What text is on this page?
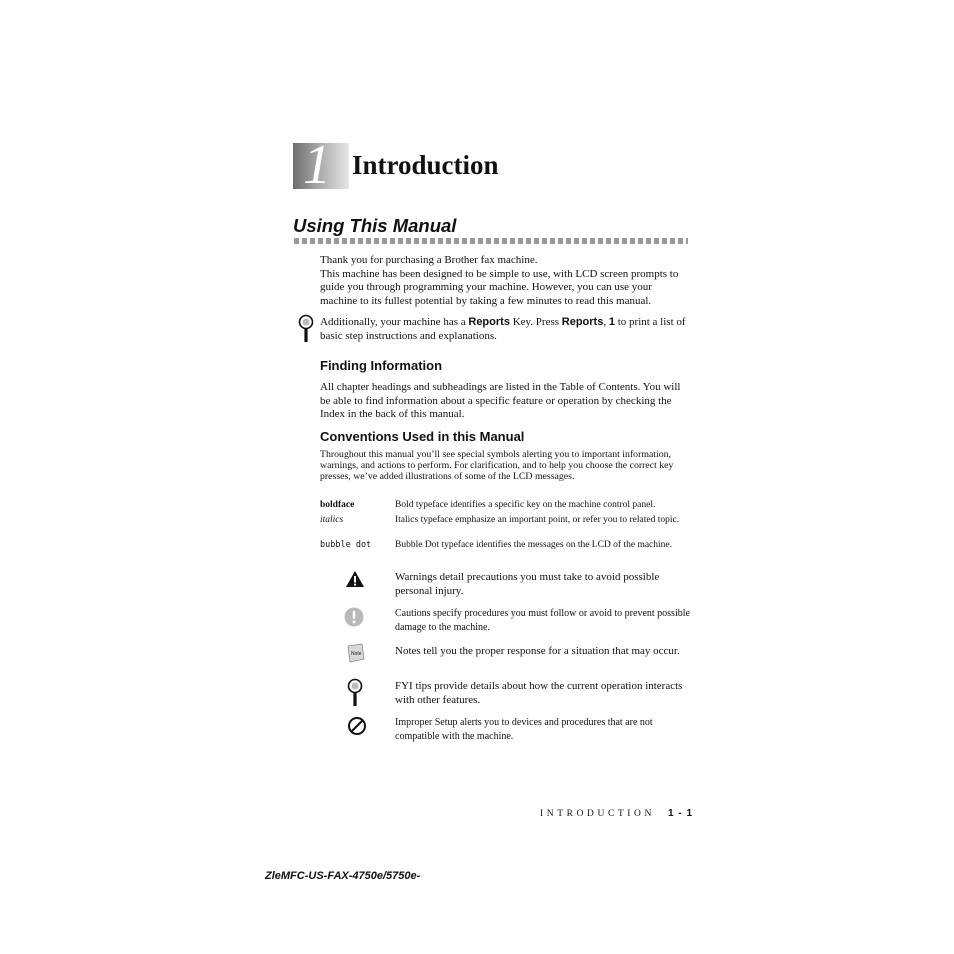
1 Introduction
Using This Manual
Thank you for purchasing a Brother fax machine.
This machine has been designed to be simple to use, with LCD screen prompts to guide you through programming your machine. However, you can use your machine to its fullest potential by taking a few minutes to read this manual.
Additionally, your machine has a Reports Key. Press Reports, 1 to print a list of basic step instructions and explanations.
Finding Information
All chapter headings and subheadings are listed in the Table of Contents. You will be able to find information about a specific feature or operation by checking the Index in the back of this manual.
Conventions Used in this Manual
Throughout this manual you’ll see special symbols alerting you to important information, warnings, and actions to perform. For clarification, and to help you choose the correct key presses, we’ve added illustrations of some of the LCD messages.
boldface	Bold typeface identifies a specific key on the machine control panel.
italics	Italics typeface emphasize an important point, or refer you to related topic.
bubble dot	Bubble Dot typeface identifies the messages on the LCD of the machine.
Warnings detail precautions you must take to avoid possible personal injury.
Cautions specify procedures you must follow or avoid to prevent possible damage to the machine.
Note	Notes tell you the proper response for a situation that may occur.
FYI tips provide details about how the current operation interacts with other features.
Improper Setup alerts you to devices and procedures that are not compatible with the machine.
INTRODUCTION 1 - 1
ZleMFC-US-FAX-4750e/5750e-
